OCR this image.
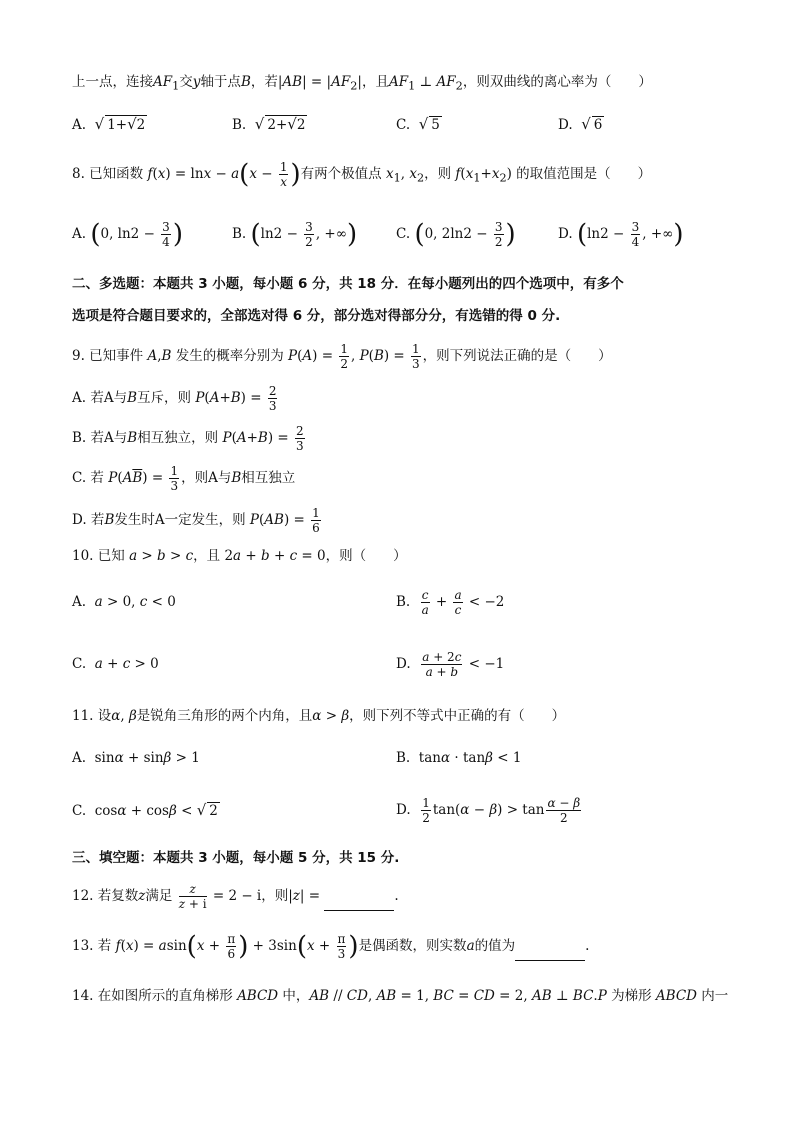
上一点，连接$AF_1$交y轴于点B，若$|AB| = |AF_2|$，且$AF_1$ ⊥ $AF_2$，则双曲线的离心率为（　　）
A.  √ 1+√2	B.  √ 2+√2	C.  √ 5	D.  √ 6
8. 已知函数 $f(x) = \ln x - a(x - \frac{1}{x}$ )有两个极值点 $x_1$, $x_2$，则 $f(x_1+x_2)$ 的取值范围是（　　）
A. (0, $\ln 2 - \frac{3}{4}$ )	B. ($\ln 2 - \frac{3}{2}$ , +∞)	C. (0, $2\ln 2 - \frac{3}{2}$ )	D. ($\ln 2 - \frac{3}{4}$ , +∞)
二、多选题：本题共 3 小题，每小题 6 分，共 18 分．在每小题列出的四个选项中，有多个
选项是符合题目要求的，全部选对得 6 分，部分选对得部分分，有选错的得 0 分.
9. 已知事件 A,B 发生的概率分别为 $P(A) = \frac{1}{2}$ , $P(B) = \frac{1}{3}$ ，则下列说法正确的是（　　）
A. 若A与B互斥，则 $P(A+B) = \frac{2}{3}$
B. 若A与B相互独立，则 $P(A+B) = \frac{2}{3}$
C. 若 $P(A\overline{B}) = \frac{1}{3}$ ，则A与B相互独立
D. 若B发生时A一定发生，则 $P(AB) = \frac{1}{6}$
10. 已知 a > b > c，且 2a + b + c = 0，则（　　）
A.  a > 0, c < 0	B. $\frac{c}{a} + \frac{a}{c} < -2$
C.  a + c > 0	D. $\frac{a + 2c}{a + b} < -1$
11. 设α, β是锐角三角形的两个内角，且α > β，则下列不等式中正确的有（　　）
A.  sinα + sinβ > 1	B.  tanα · tanβ < 1
C.  cosα + cosβ < √ 2	D. $\frac{1}{2} \tan(\alpha - \beta) > \tan \frac{\alpha - \beta}{2}$
三、填空题：本题共 3 小题，每小题 5 分，共 15 分.
12. 若复数z满足 $\frac{z}{z + i} = 2 - i$，则|z| =	.
13. 若 $f(x) = asin(x + \frac{\pi}{6}$ ) + $3\sin(x + \frac{\pi}{3}$ )是偶函数，则实数a的值为	.
14. 在如图所示的直角梯形 ABCD 中，AB // CD, AB = 1, BC = CD = 2, AB ⊥ BC.P 为梯形 ABCD 内一
